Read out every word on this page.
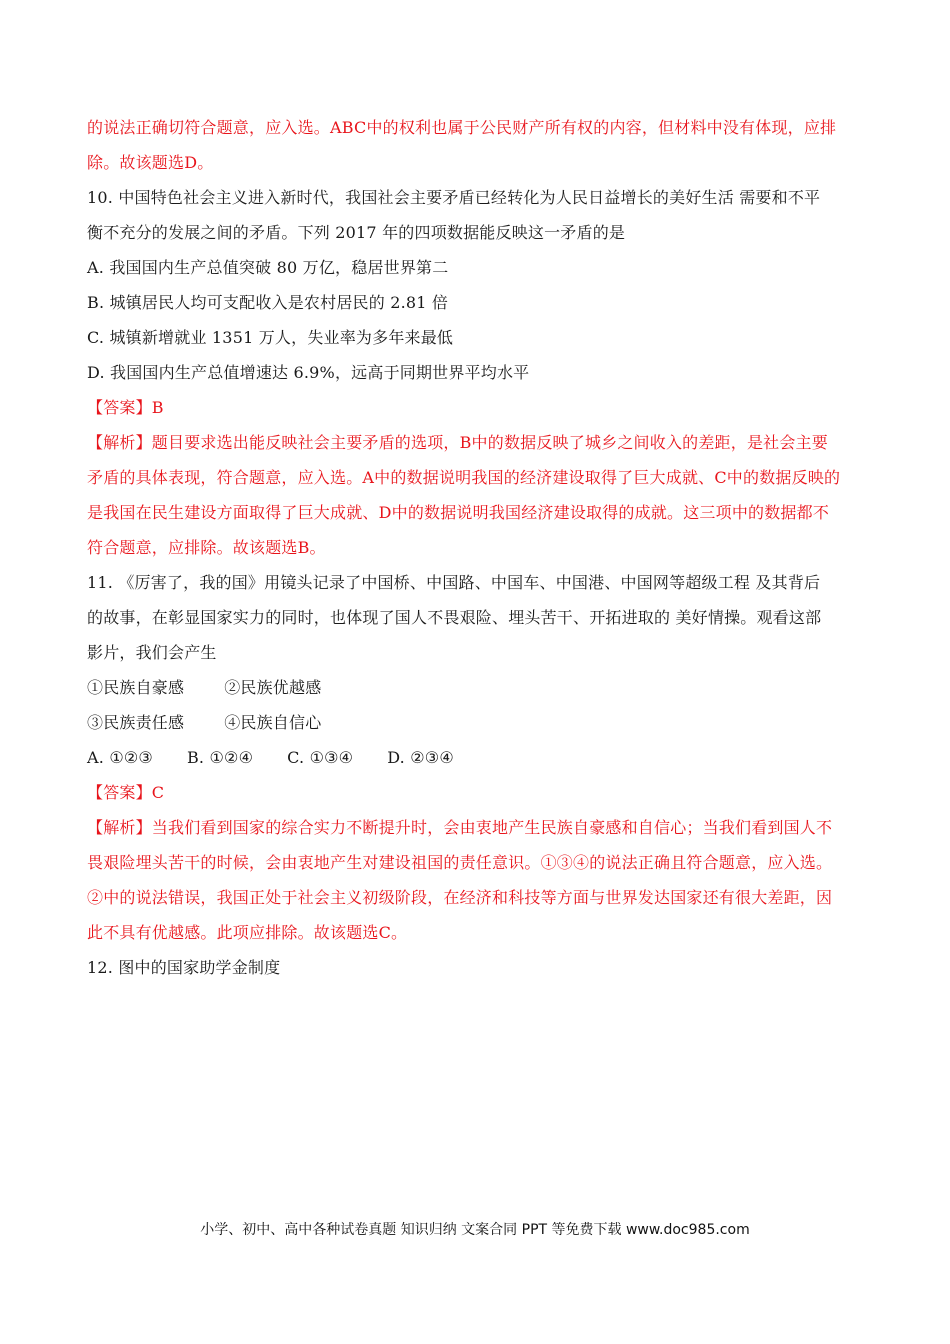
的说法正确切符合题意，应入选。ABC中的权利也属于公民财产所有权的内容，但材料中没有体现，应排
除。故该题选D。
10. 中国特色社会主义进入新时代，我国社会主要矛盾已经转化为人民日益增长的美好生活 需要和不平
衡不充分的发展之间的矛盾。下列 2017 年的四项数据能反映这一矛盾的是
A. 我国国内生产总值突破 80 万亿，稳居世界第二
B. 城镇居民人均可支配收入是农村居民的 2.81 倍
C. 城镇新增就业 1351 万人，失业率为多年来最低
D. 我国国内生产总值增速达 6.9%，远高于同期世界平均水平
【答案】B
【解析】题目要求选出能反映社会主要矛盾的选项，B中的数据反映了城乡之间收入的差距，是社会主要
矛盾的具体表现，符合题意，应入选。A中的数据说明我国的经济建设取得了巨大成就、C中的数据反映的
是我国在民生建设方面取得了巨大成就、D中的数据说明我国经济建设取得的成就。这三项中的数据都不
符合题意，应排除。故该题选B。
11. 《厉害了，我的国》用镜头记录了中国桥、中国路、中国车、中国港、中国网等超级工程 及其背后
的故事，在彰显国家实力的同时，也体现了国人不畏艰险、埋头苦干、开拓进取的 美好情操。观看这部
影片，我们会产生
①民族自豪感	②民族优越感
③民族责任感	④民族自信心
A. ①②③ B. ①②④ C. ①③④ D. ②③④
【答案】C
【解析】当我们看到国家的综合实力不断提升时，会由衷地产生民族自豪感和自信心；当我们看到国人不
畏艰险埋头苦干的时候，会由衷地产生对建设祖国的责任意识。①③④的说法正确且符合题意，应入选。
②中的说法错误，我国正处于社会主义初级阶段，在经济和科技等方面与世界发达国家还有很大差距，因
此不具有优越感。此项应排除。故该题选C。
12. 图中的国家助学金制度
小学、初中、高中各种试卷真题 知识归纳 文案合同 PPT 等免费下载 www.doc985.com
